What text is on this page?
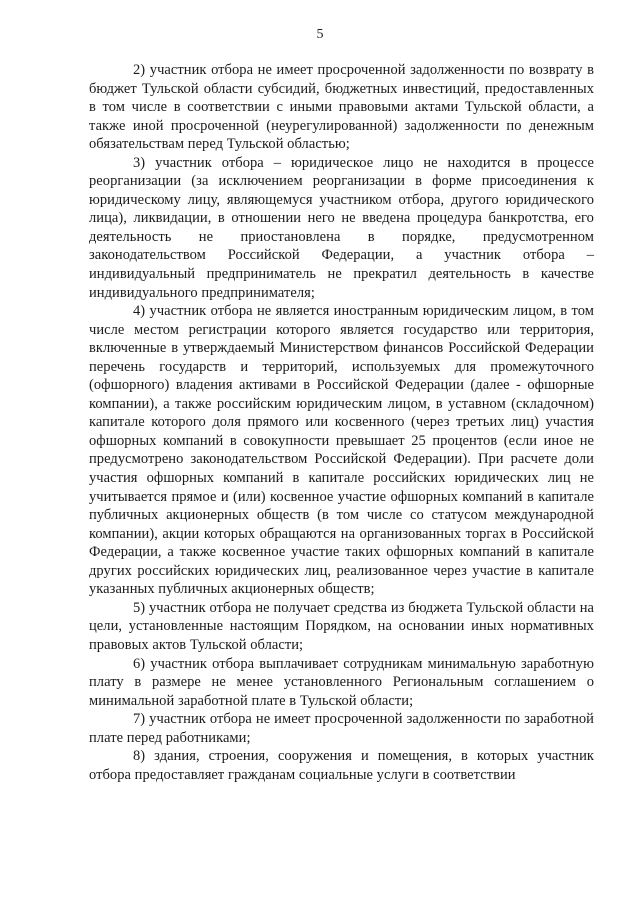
5

2) участник отбора не имеет просроченной задолженности по возврату в бюджет Тульской области субсидий, бюджетных инвестиций, предоставленных в том числе в соответствии с иными правовыми актами Тульской области, а также иной просроченной (неурегулированной) задолженности по денежным обязательствам перед Тульской областью;

3) участник отбора – юридическое лицо не находится в процессе реорганизации (за исключением реорганизации в форме присоединения к юридическому лицу, являющемуся участником отбора, другого юридического лица), ликвидации, в отношении него не введена процедура банкротства, его деятельность не приостановлена в порядке, предусмотренном законодательством Российской Федерации, а участник отбора – индивидуальный предприниматель не прекратил деятельность в качестве индивидуального предпринимателя;

4) участник отбора не является иностранным юридическим лицом, в том числе местом регистрации которого является государство или территория, включенные в утверждаемый Министерством финансов Российской Федерации перечень государств и территорий, используемых для промежуточного (офшорного) владения активами в Российской Федерации (далее - офшорные компании), а также российским юридическим лицом, в уставном (складочном) капитале которого доля прямого или косвенного (через третьих лиц) участия офшорных компаний в совокупности превышает 25 процентов (если иное не предусмотрено законодательством Российской Федерации). При расчете доли участия офшорных компаний в капитале российских юридических лиц не учитывается прямое и (или) косвенное участие офшорных компаний в капитале публичных акционерных обществ (в том числе со статусом международной компании), акции которых обращаются на организованных торгах в Российской Федерации, а также косвенное участие таких офшорных компаний в капитале других российских юридических лиц, реализованное через участие в капитале указанных публичных акционерных обществ;

5) участник отбора не получает средства из бюджета Тульской области на цели, установленные настоящим Порядком, на основании иных нормативных правовых актов Тульской области;

6) участник отбора выплачивает сотрудникам минимальную заработную плату в размере не менее установленного Региональным соглашением о минимальной заработной плате в Тульской области;

7) участник отбора не имеет просроченной задолженности по заработной плате перед работниками;

8) здания, строения, сооружения и помещения, в которых участник отбора предоставляет гражданам социальные услуги в соответствии
